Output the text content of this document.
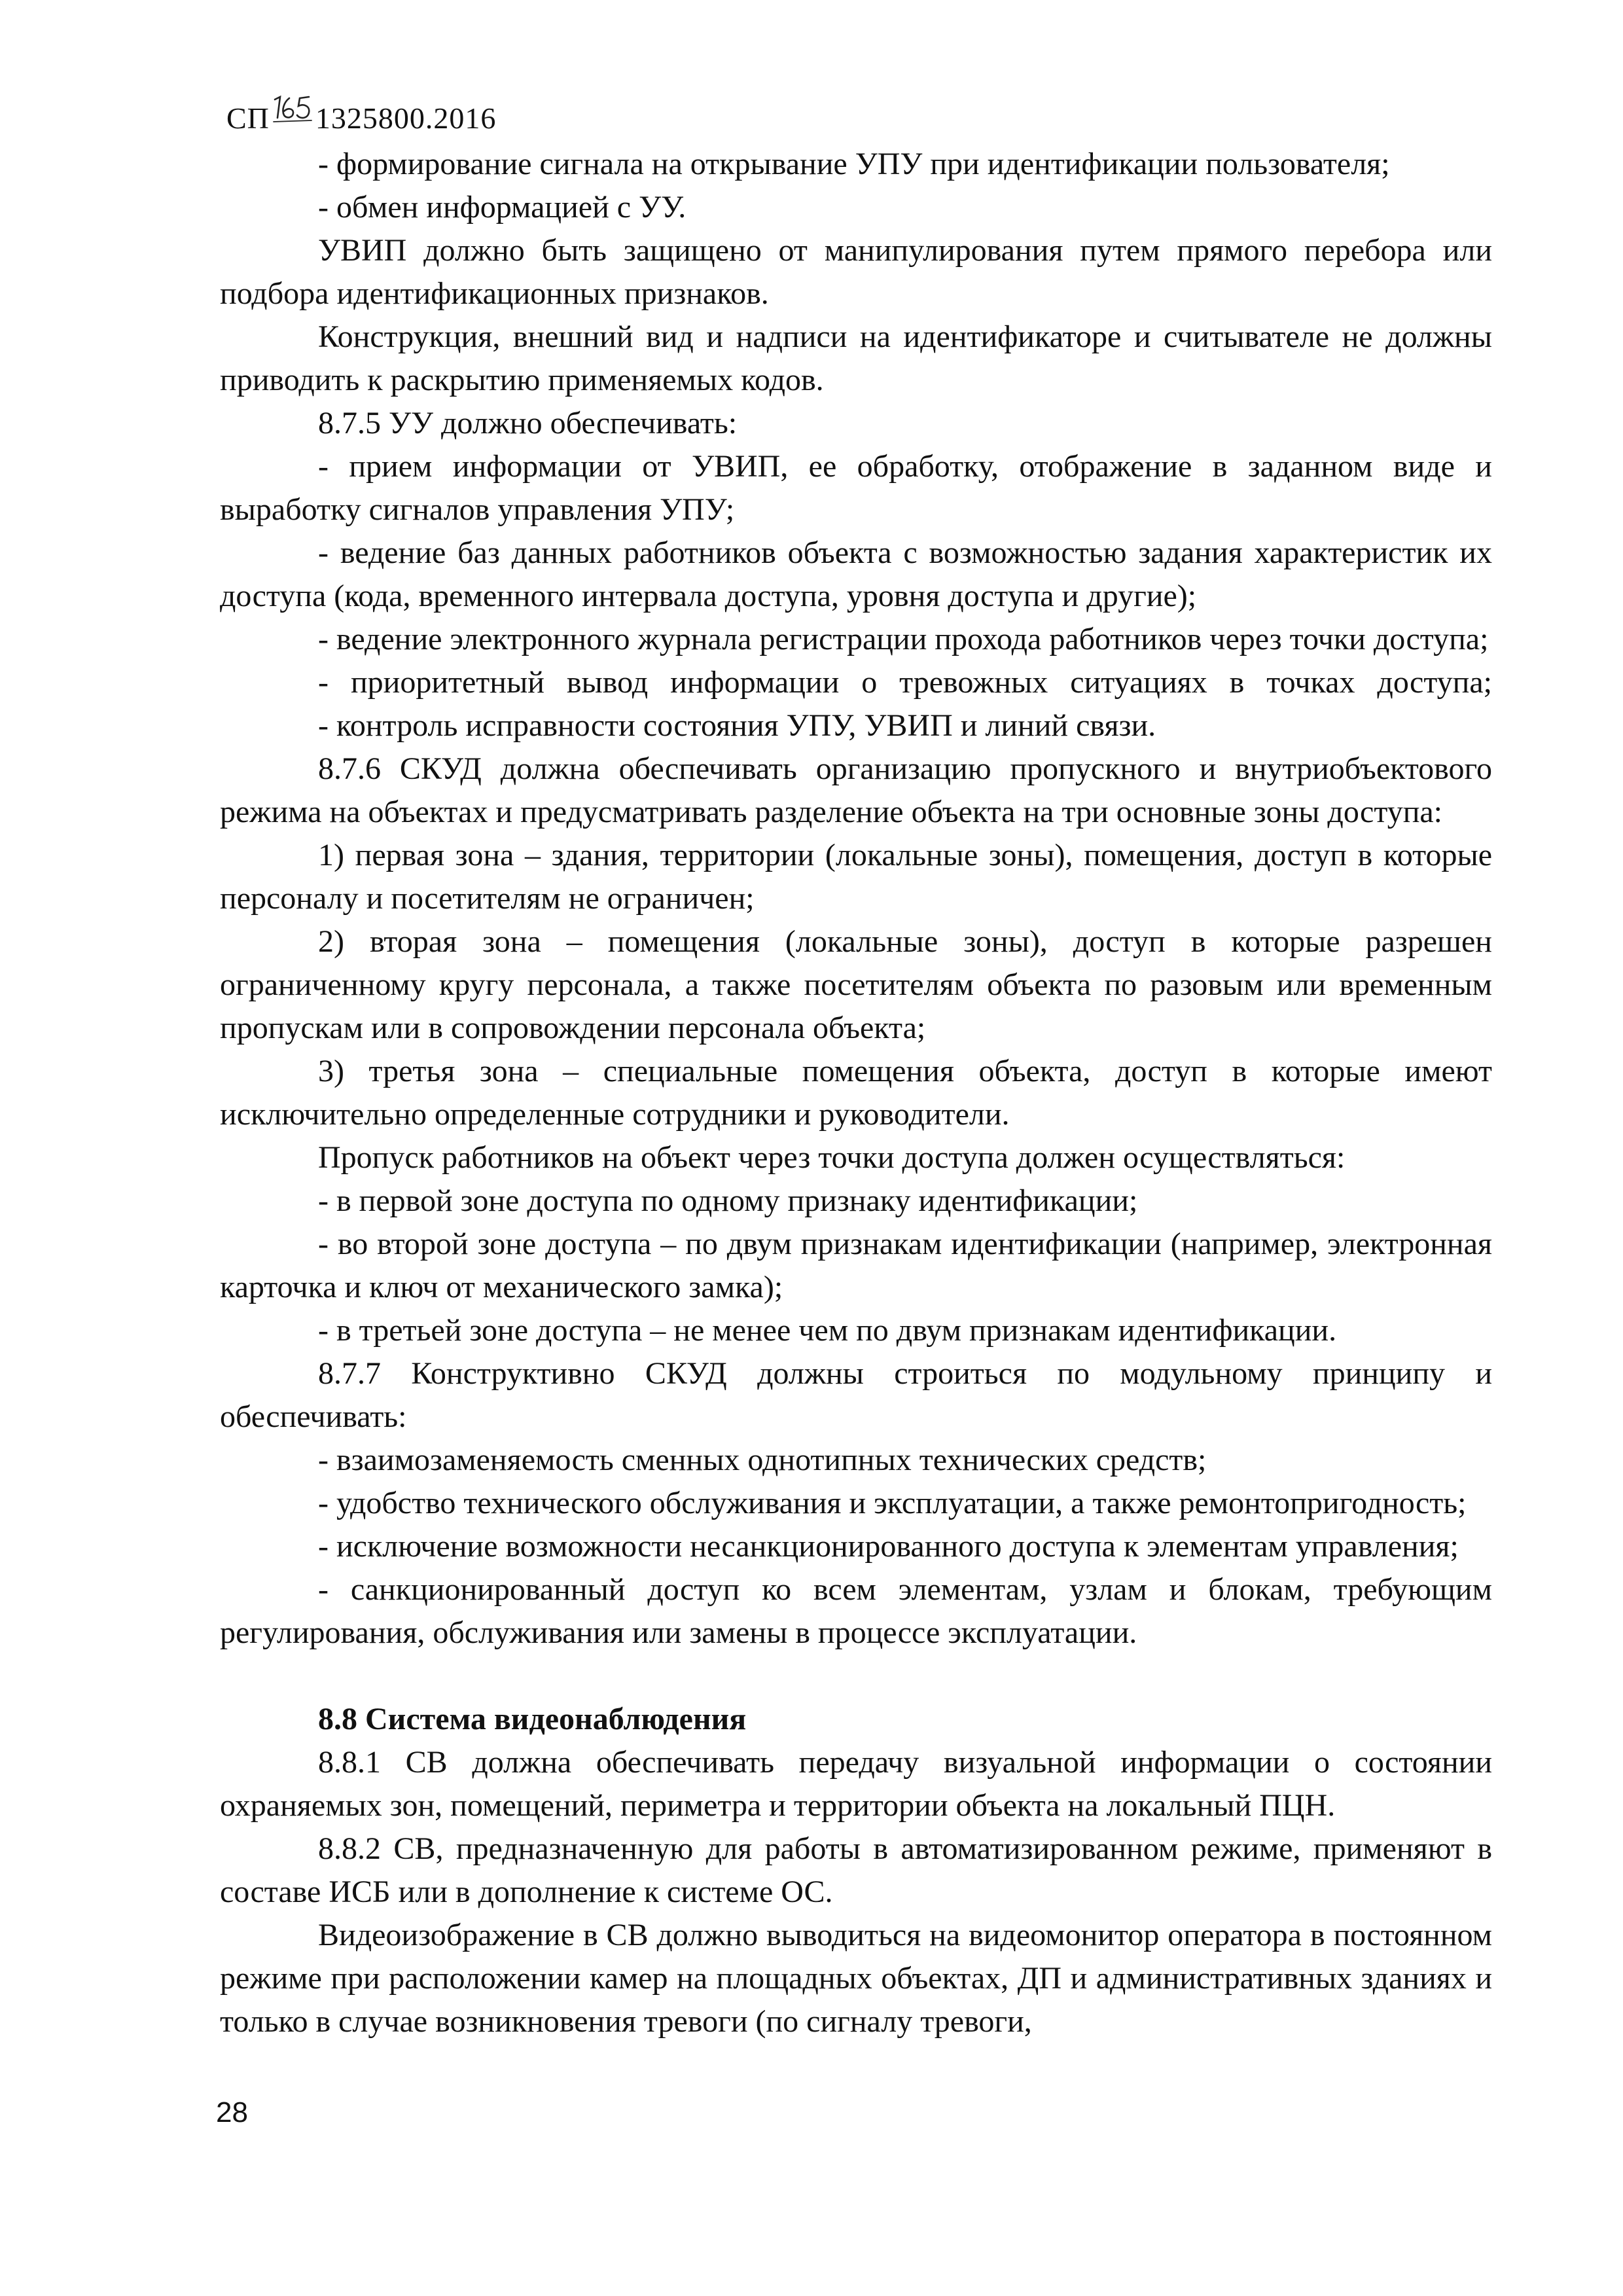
СП 1325800.2016

- формирование сигнала на открывание УПУ при идентификации пользователя;

- обмен информацией с УУ.

УВИП должно быть защищено от манипулирования путем прямого перебора или подбора идентификационных признаков.

Конструкция, внешний вид и надписи на идентификаторе и считывателе не должны приводить к раскрытию применяемых кодов.

8.7.5 УУ должно обеспечивать:

- прием информации от УВИП, ее обработку, отображение в заданном виде и выработку сигналов управления УПУ;

- ведение баз данных работников объекта с возможностью задания характеристик их доступа (кода, временного интервала доступа, уровня доступа и другие);

- ведение электронного журнала регистрации прохода работников через точки доступа;

- приоритетный вывод информации о тревожных ситуациях в точках доступа;

- контроль исправности состояния УПУ, УВИП и линий связи.

8.7.6 СКУД должна обеспечивать организацию пропускного и внутриобъектового режима на объектах и предусматривать разделение объекта на три основные зоны доступа:

1) первая зона – здания, территории (локальные зоны), помещения, доступ в которые персоналу и посетителям не ограничен;

2) вторая зона – помещения (локальные зоны), доступ в которые разрешен ограниченному кругу персонала, а также посетителям объекта по разовым или временным пропускам или в сопровождении персонала объекта;

3) третья зона – специальные помещения объекта, доступ в которые имеют исключительно определенные сотрудники и руководители.

Пропуск работников на объект через точки доступа должен осуществляться:

- в первой зоне доступа по одному признаку идентификации;

- во второй зоне доступа – по двум признакам идентификации (например, электронная карточка и ключ от механического замка);

- в третьей зоне доступа – не менее чем по двум признакам идентификации.

8.7.7 Конструктивно СКУД должны строиться по модульному принципу и обеспечивать:

- взаимозаменяемость сменных однотипных технических средств;

- удобство технического обслуживания и эксплуатации, а также ремонтопригодность;

- исключение возможности несанкционированного доступа к элементам управления;

- санкционированный доступ ко всем элементам, узлам и блокам, требующим регулирования, обслуживания или замены в процессе эксплуатации.

8.8 Система видеонаблюдения

8.8.1 СВ должна обеспечивать передачу визуальной информации о состоянии охраняемых зон, помещений, периметра и территории объекта на локальный ПЦН.

8.8.2 СВ, предназначенную для работы в автоматизированном режиме, применяют в составе ИСБ или в дополнение к системе ОС.

Видеоизображение в СВ должно выводиться на видеомонитор оператора в постоянном режиме при расположении камер на площадных объектах, ДП и административных зданиях и только в случае возникновения тревоги (по сигналу тревоги,

28
